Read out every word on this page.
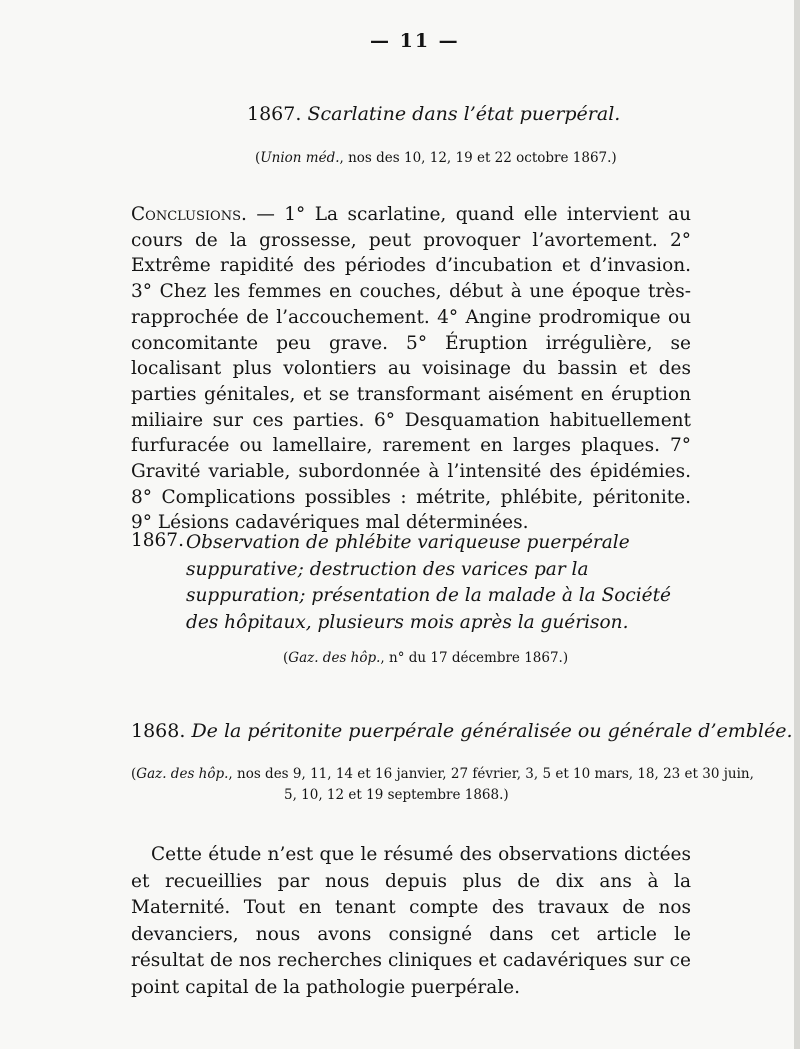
— 11 —
1867. Scarlatine dans l’état puerpéral.
(Union méd., nos des 10, 12, 19 et 22 octobre 1867.)
Conclusions. — 1° La scarlatine, quand elle intervient au cours de la grossesse, peut provoquer l’avortement. 2° Extrême rapidité des périodes d’incubation et d’invasion. 3° Chez les femmes en couches, début à une époque très-rapprochée de l’accouchement. 4° Angine prodromique ou concomitante peu grave. 5° Éruption irrégulière, se localisant plus volontiers au voisinage du bassin et des parties génitales, et se transformant aisément en éruption miliaire sur ces parties. 6° Desquamation habituellement furfuracée ou lamellaire, rarement en larges plaques. 7° Gravité variable, subordonnée à l’intensité des épidémies. 8° Complications possibles : métrite, phlébite, péritonite. 9° Lésions cadavériques mal déterminées.
1867. Observation de phlébite variqueuse puerpérale suppurative; destruction des varices par la suppuration; présentation de la malade à la Société des hôpitaux, plusieurs mois après la guérison.
(Gaz. des hôp., n° du 17 décembre 1867.)
1868. De la péritonite puerpérale généralisée ou générale d’emblée.
(Gaz. des hôp., nos des 9, 11, 14 et 16 janvier, 27 février, 3, 5 et 10 mars, 18, 23 et 30 juin,
5, 10, 12 et 19 septembre 1868.)
Cette étude n’est que le résumé des observations dictées et recueillies par nous depuis plus de dix ans à la Maternité. Tout en tenant compte des travaux de nos devanciers, nous avons consigné dans cet article le résultat de nos recherches cliniques et cadavériques sur ce point capital de la pathologie puerpérale.
